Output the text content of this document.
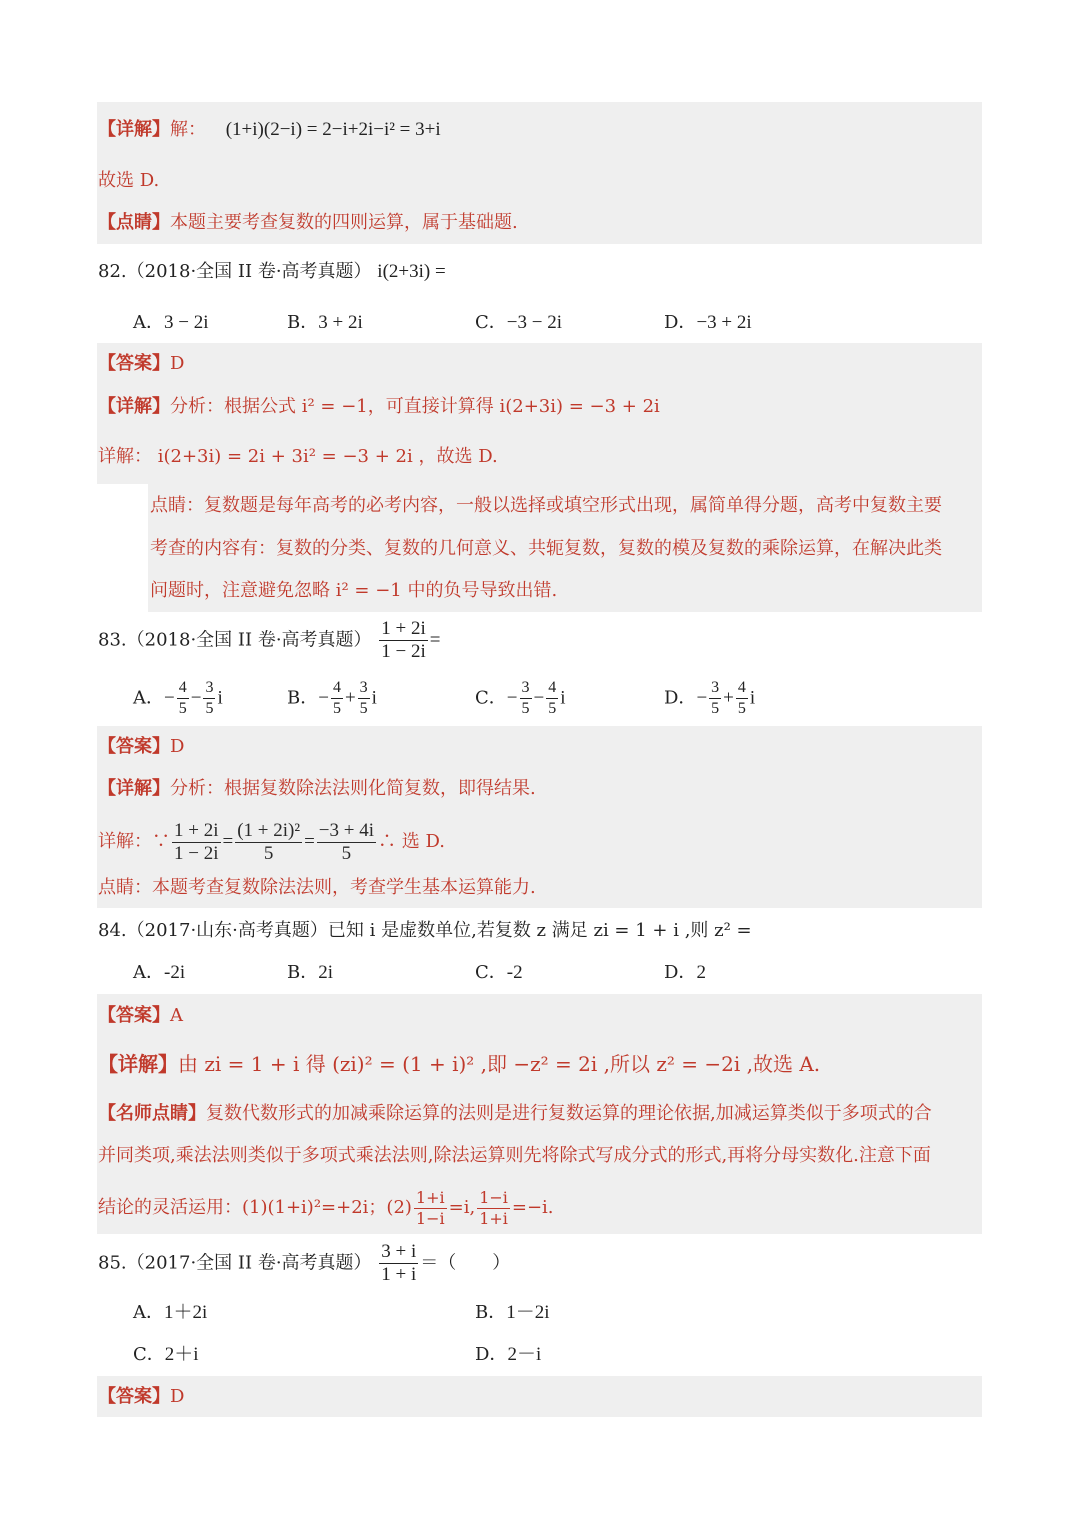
【详解】解： (1+i)(2−i) = 2−i+2i−i² = 3+i
故选 D.
【点睛】本题主要考查复数的四则运算，属于基础题.
82.（2018·全国 II 卷·高考真题） i(2+3i) =
A．3 − 2i	B．3 + 2i	C．−3 − 2i	D．−3 + 2i
【答案】D
【详解】分析：根据公式 i² = −1，可直接计算得 i(2+3i) = −3 + 2i
详解： i(2+3i) = 2i + 3i² = −3 + 2i ，故选 D.
点睛：复数题是每年高考的必考内容，一般以选择或填空形式出现，属简单得分题，高考中复数主要
考查的内容有：复数的分类、复数的几何意义、共轭复数，复数的模及复数的乘除运算，在解决此类
问题时，注意避免忽略 i² = −1 中的负号导致出错.
83.（2018·全国 II 卷·高考真题） $\frac{1 + 2i}{1 - 2i}$ =
A．− $\frac{4}{5} - \frac{3}{5}$ i	B．− $\frac{4}{5} + \frac{3}{5}$ i	C．− $\frac{3}{5} - \frac{4}{5}$ i	D．− $\frac{3}{5} + \frac{4}{5}$ i
【答案】D
【详解】分析：根据复数除法法则化简复数，即得结果.
详解：∵ $\frac{1 + 2i}{1 - 2i} = \frac{\text{(1 + 2i)²}}{5} = \frac{-3 + 4i}{5}$ ∴ 选 D.
点睛：本题考查复数除法法则，考查学生基本运算能力.
84.（2017·山东·高考真题）已知 i 是虚数单位,若复数 z 满足 zi = 1 + i ,则 z² =
A．-2i	B．2i	C．-2	D．2
【答案】A
【详解】由 zi = 1 + i 得 (zi)² = (1 + i)² ,即 −z² = 2i ,所以 z² = −2i ,故选 A.
【名师点睛】复数代数形式的加减乘除运算的法则是进行复数运算的理论依据,加减运算类似于多项式的合
并同类项,乘法法则类似于多项式乘法法则,除法运算则先将除式写成分式的形式,再将分母实数化.注意下面
结论的灵活运用：(1)(1+i)²=+2i；$(2) \frac{1+i}{1-i} =i$, $\frac{1-i}{1+i} =-i$.
85.（2017·全国 II 卷·高考真题） $\frac{3 + i}{1 + i}$ ＝（　　）
A．1＋2i	B．1－2i
C．2＋i	D．2－i
【答案】D
